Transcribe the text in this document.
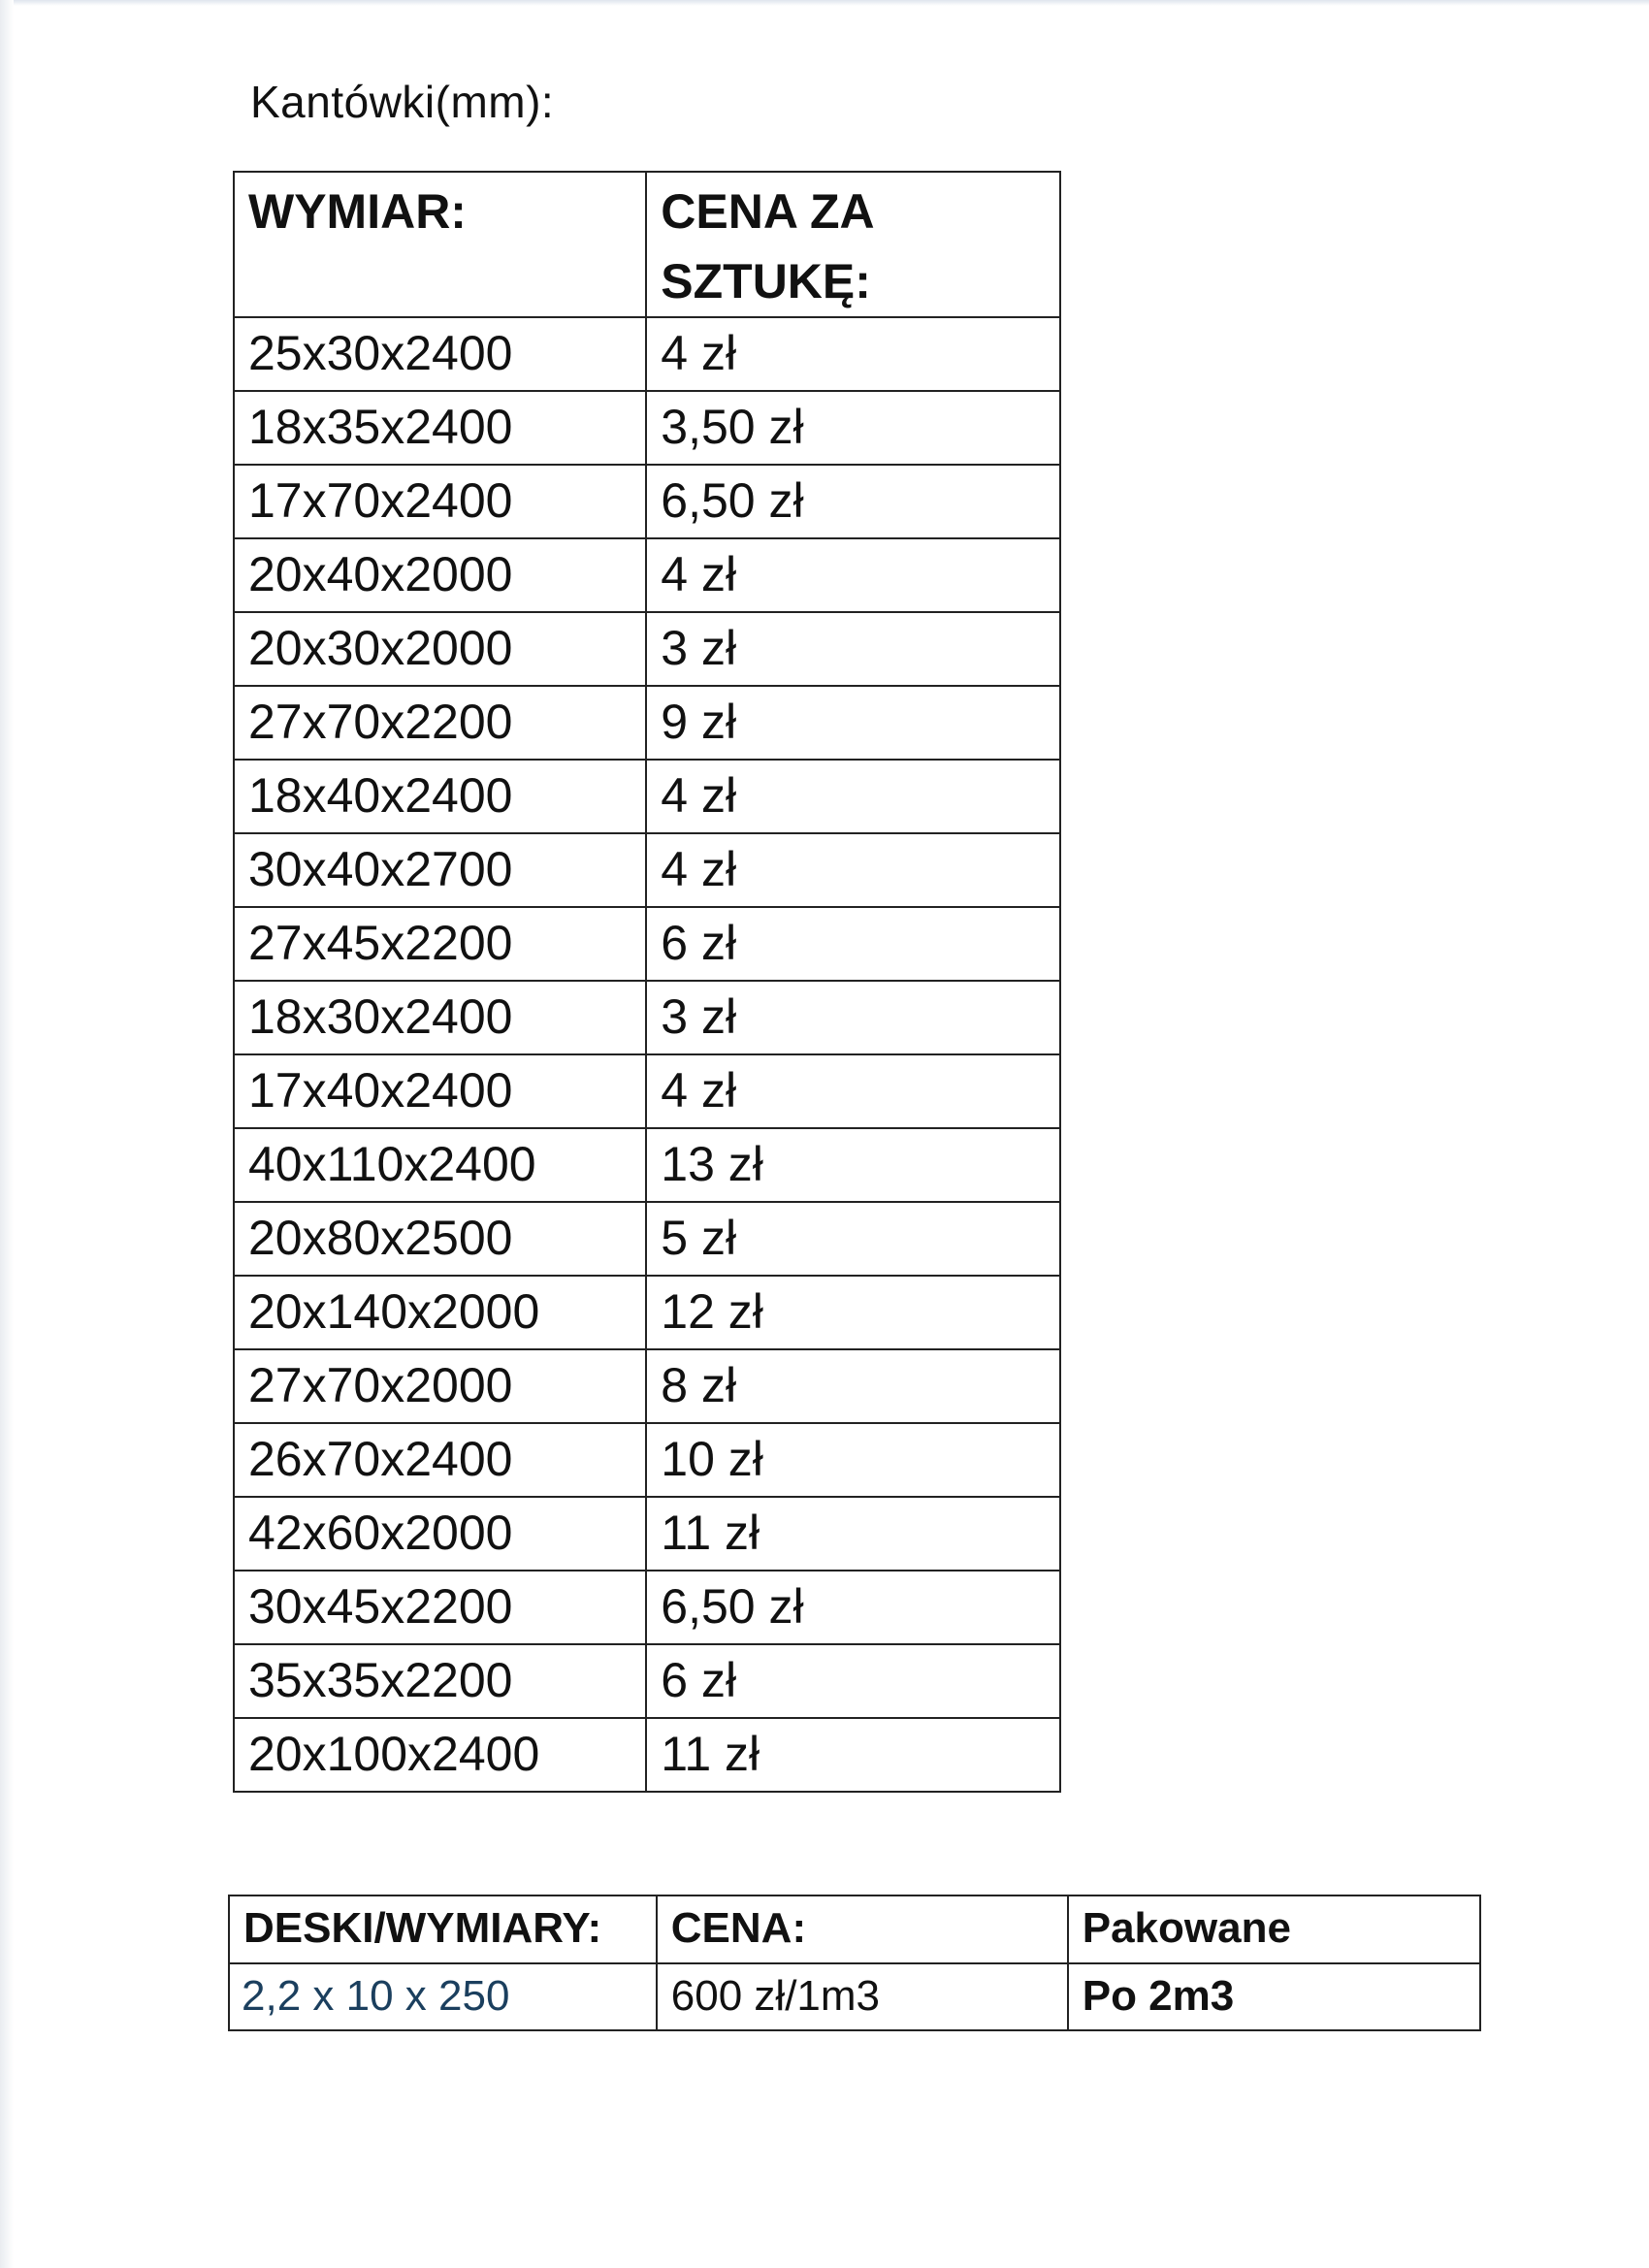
Kantówki(mm):
WYMIAR:	CENA ZA
SZTUKĘ:

25x30x2400	4 zł
18x35x2400	3,50 zł
17x70x2400	6,50 zł
20x40x2000	4 zł
20x30x2000	3 zł
27x70x2200	9 zł
18x40x2400	4 zł
30x40x2700	4 zł
27x45x2200	6 zł
18x30x2400	3 zł
17x40x2400	4 zł
40x110x2400	13 zł
20x80x2500	5 zł
20x140x2000	12 zł
27x70x2000	8 zł
26x70x2400	10 zł
42x60x2000	11 zł
30x45x2200	6,50 zł
35x35x2200	6 zł
20x100x2400	11 zł
DESKI/WYMIARY:	CENA:	Pakowane
2,2 x 10 x 250	600 zł/1m3	Po 2m3
